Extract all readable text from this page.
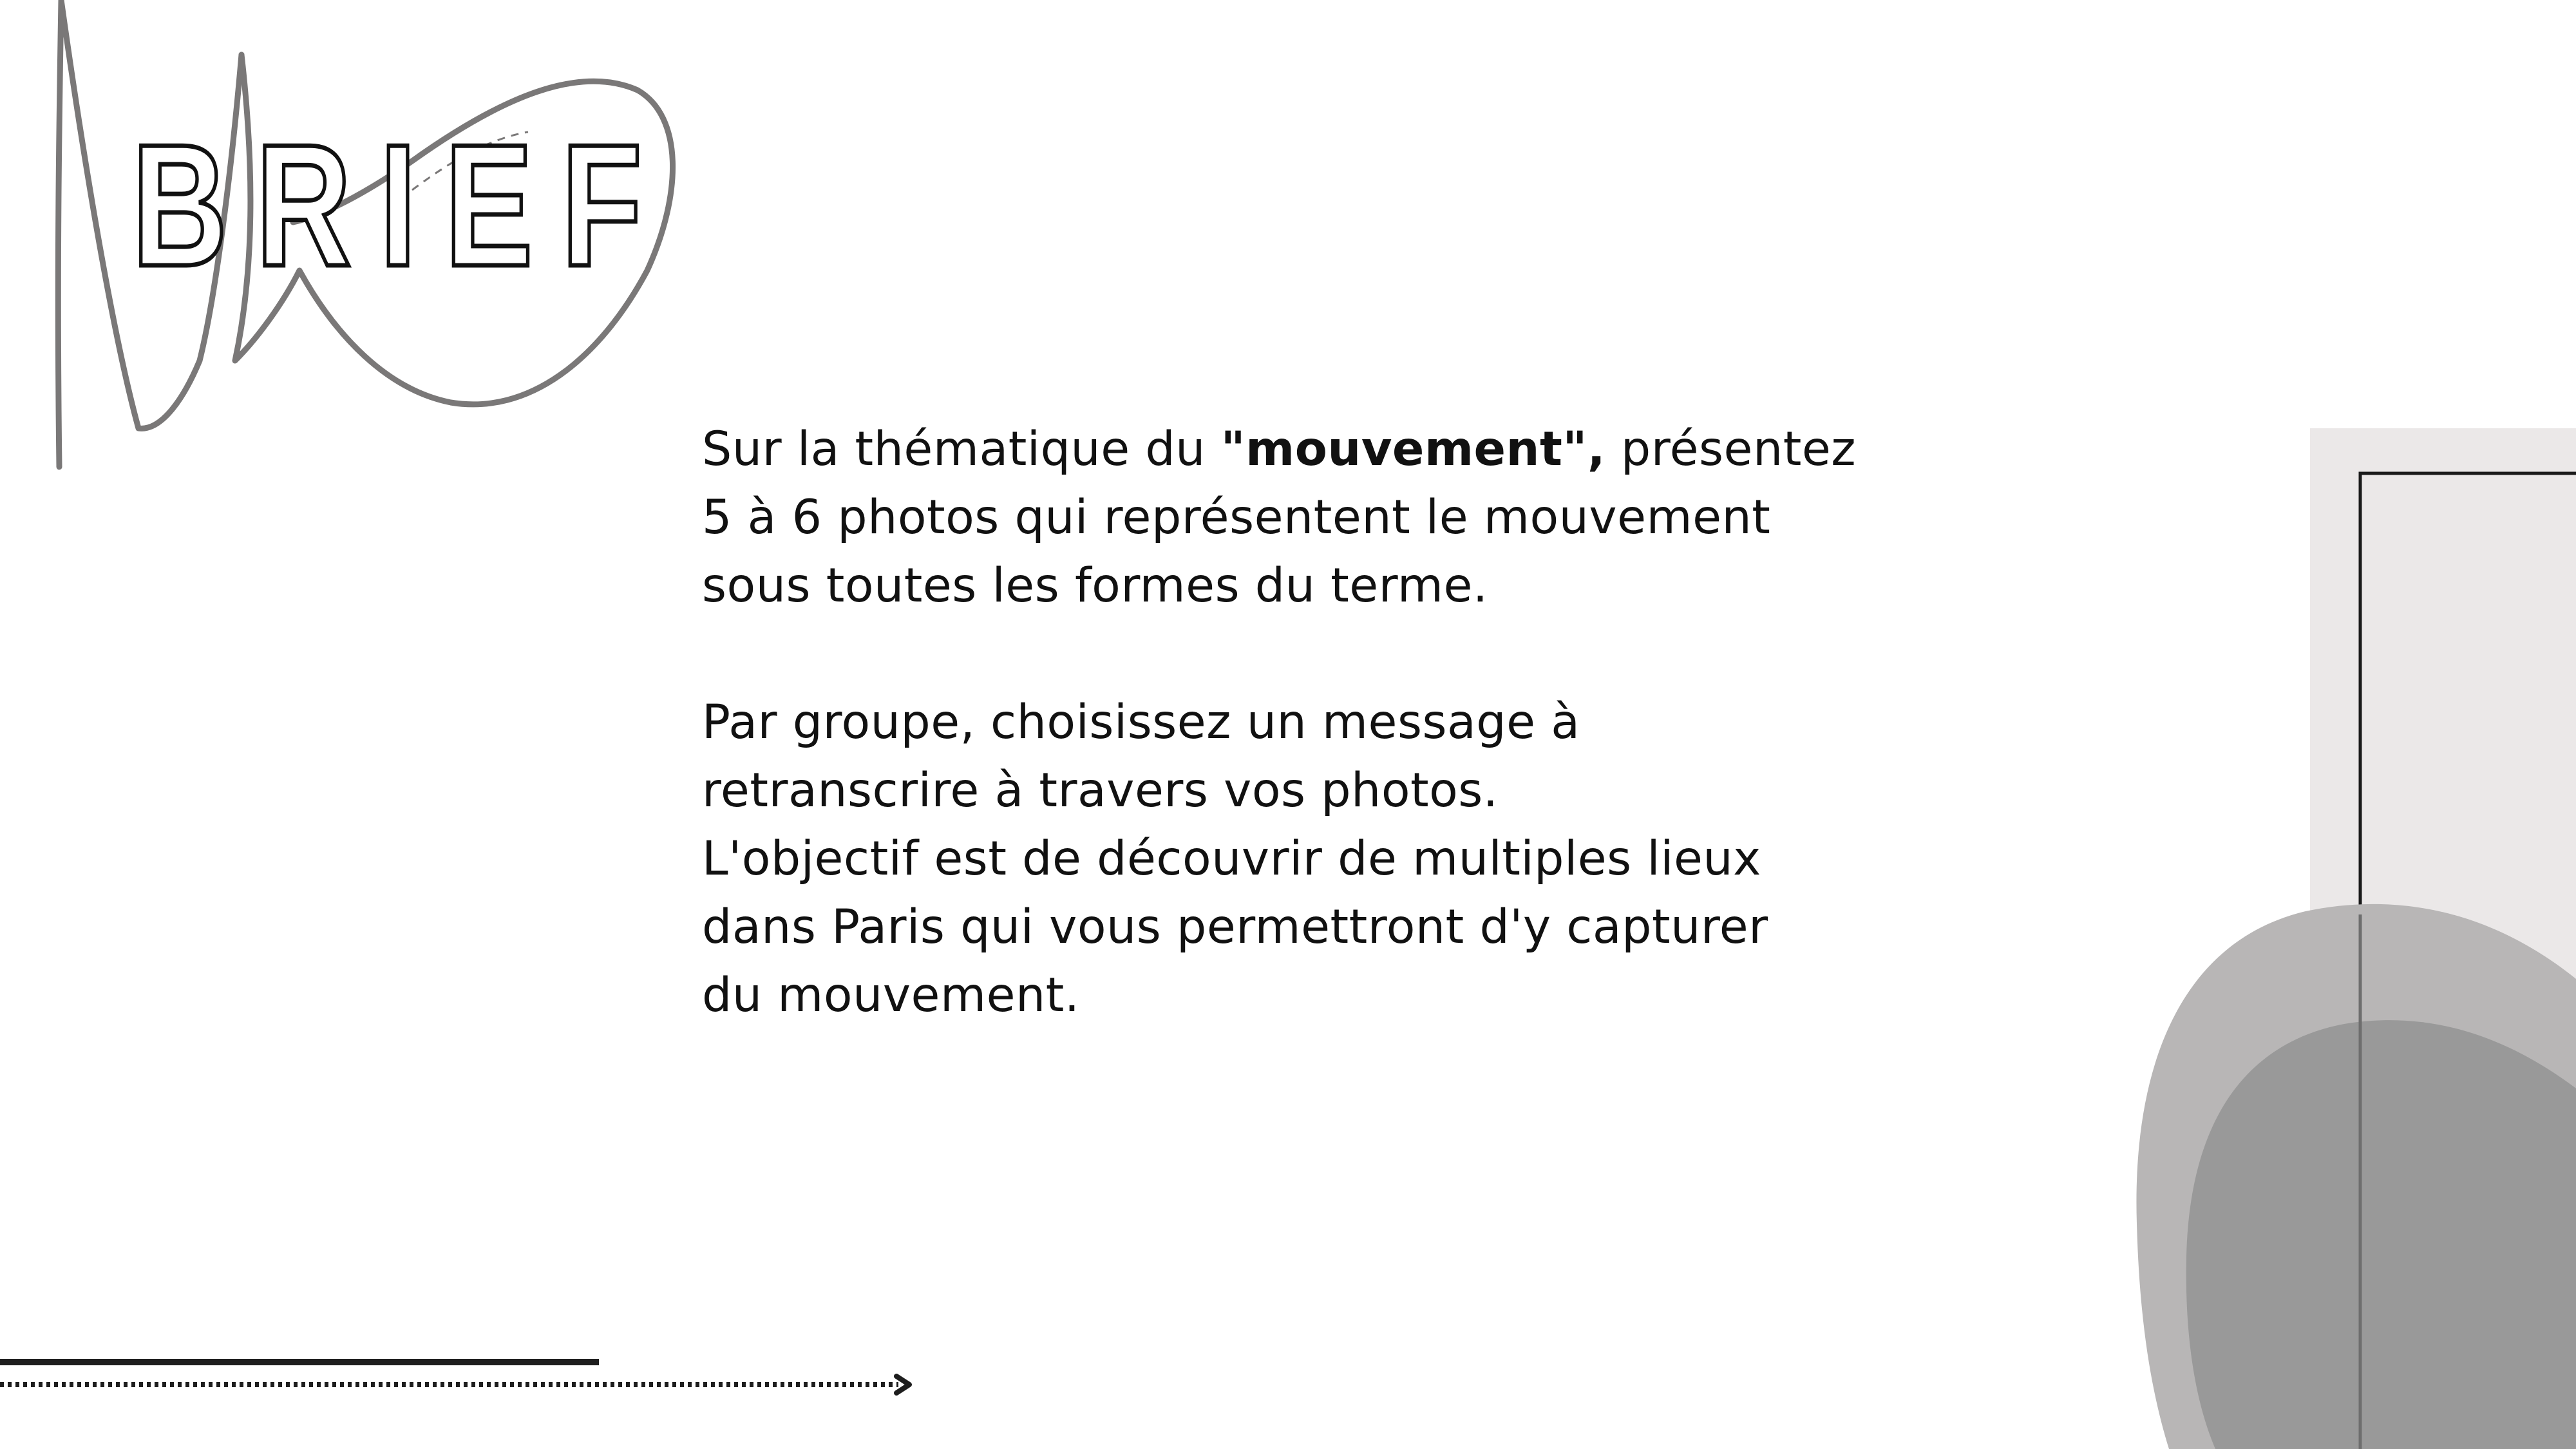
BRIEF

Sur la thématique du "mouvement", présentez

5 à 6 photos qui représentent le mouvement

sous toutes les formes du terme.

Par groupe, choisissez un message à

retranscrire à travers vos photos.

L'objectif est de découvrir de multiples lieux

dans Paris qui vous permettront d'y capturer

du mouvement.
